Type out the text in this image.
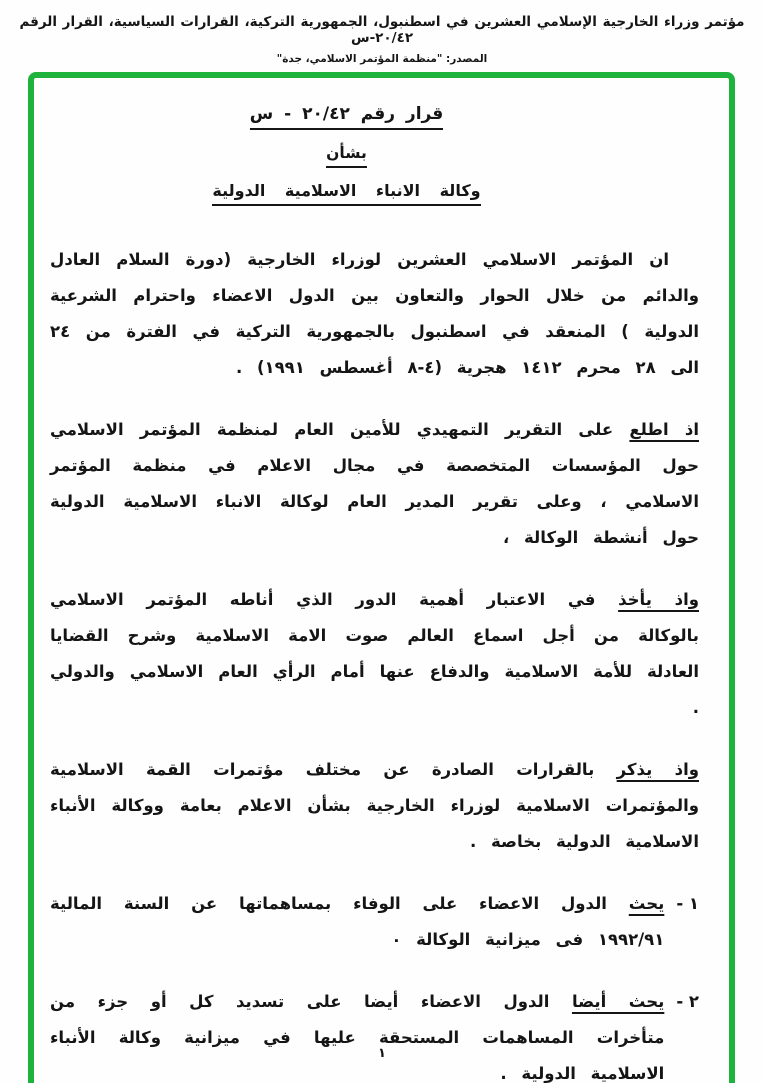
مؤتمر وزراء الخارجية الإسلامي العشرين في اسطنبول، الجمهورية التركية، القرارات السياسية، القرار الرقم ٢٠/٤٢-س
المصدر: "منظمة المؤتمر الاسلامي، جدة"
قرار رقم ٢٠/٤٢ - س
بشأن
وكالة الانباء الاسلامية الدولية

ان المؤتمر الاسلامي العشرين لوزراء الخارجية (دورة السلام العادل والدائم من خلال الحوار والتعاون بين الدول الاعضاء واحترام الشرعية الدولية ) المنعقد في اسطنبول بالجمهورية التركية في الفترة من ٢٤ الى ٢٨ محرم ١٤١٢ هجرية (٤-٨ أغسطس ١٩٩١) .

اذ اطلع على التقرير التمهيدي للأمين العام لمنظمة المؤتمر الاسلامي حول المؤسسات المتخصصة في مجال الاعلام في منظمة المؤتمر الاسلامي ، وعلى تقرير المدير العام لوكالة الانباء الاسلامية الدولية حول أنشطة الوكالة ،

واذ يأخذ في الاعتبار أهمية الدور الذي أناطه المؤتمر الاسلامي بالوكالة من أجل اسماع العالم صوت الامة الاسلامية وشرح القضايا العادلة للأمة الاسلامية والدفاع عنها أمام الرأي العام الاسلامي والدولي .

واذ يذكر بالقرارات الصادرة عن مختلف مؤتمرات القمة الاسلامية والمؤتمرات الاسلامية لوزراء الخارجية بشأن الاعلام بعامة ووكالة الأنباء الاسلامية الدولية بخاصة .

١ -
يحث الدول الاعضاء على الوفاء بمساهماتها عن السنة المالية ١٩٩٢/٩١ فى ميزانية الوكالة ٠
٢ -
يحث أيضا الدول الاعضاء أيضا على تسديد كل أو جزء من متأخرات المساهمات المستحقة عليها في ميزانية وكالة الأنباء الاسلامية الدولية .
١
